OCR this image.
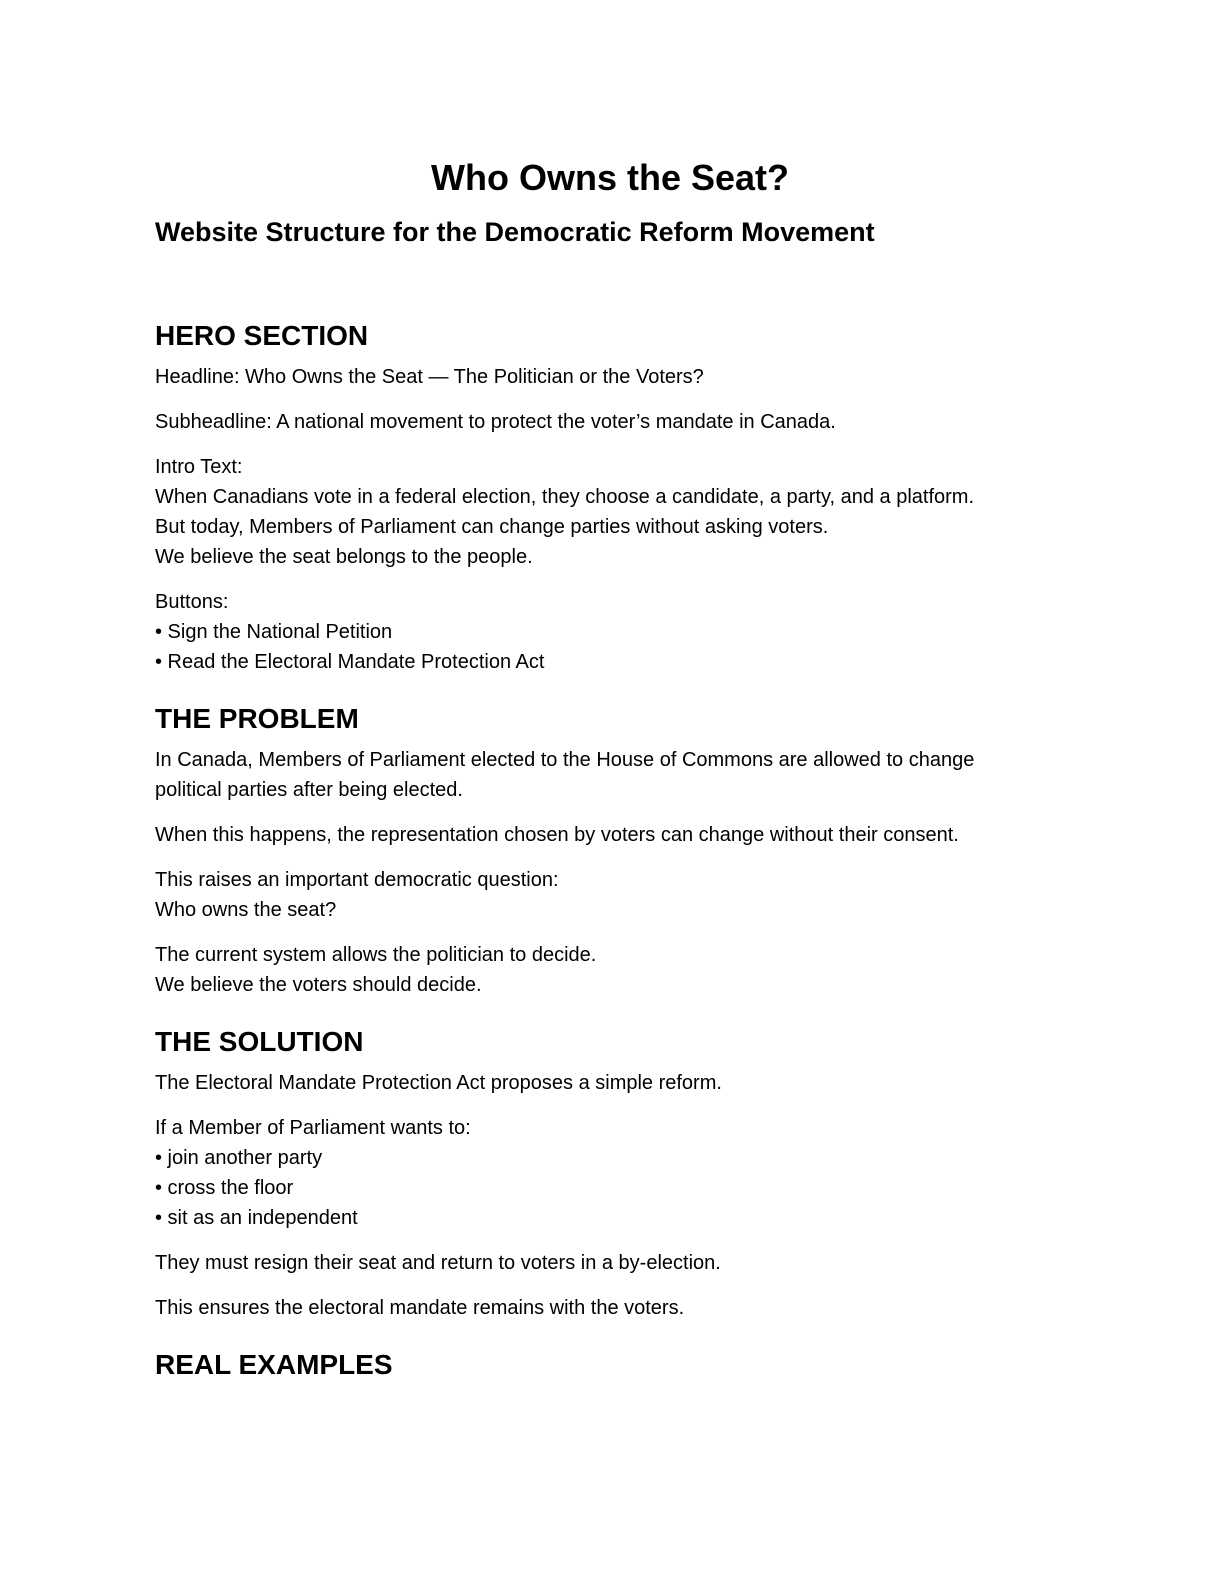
Who Owns the Seat?
Website Structure for the Democratic Reform Movement
HERO SECTION

Headline: Who Owns the Seat — The Politician or the Voters?

Subheadline: A national movement to protect the voter’s mandate in Canada.

Intro Text:
When Canadians vote in a federal election, they choose a candidate, a party, and a platform.
But today, Members of Parliament can change parties without asking voters.
We believe the seat belongs to the people.

Buttons:
• Sign the National Petition
• Read the Electoral Mandate Protection Act

THE PROBLEM

In Canada, Members of Parliament elected to the House of Commons are allowed to change
political parties after being elected.

When this happens, the representation chosen by voters can change without their consent.

This raises an important democratic question:
Who owns the seat?

The current system allows the politician to decide.
We believe the voters should decide.

THE SOLUTION

The Electoral Mandate Protection Act proposes a simple reform.

If a Member of Parliament wants to:
• join another party
• cross the floor
• sit as an independent

They must resign their seat and return to voters in a by-election.

This ensures the electoral mandate remains with the voters.

REAL EXAMPLES
